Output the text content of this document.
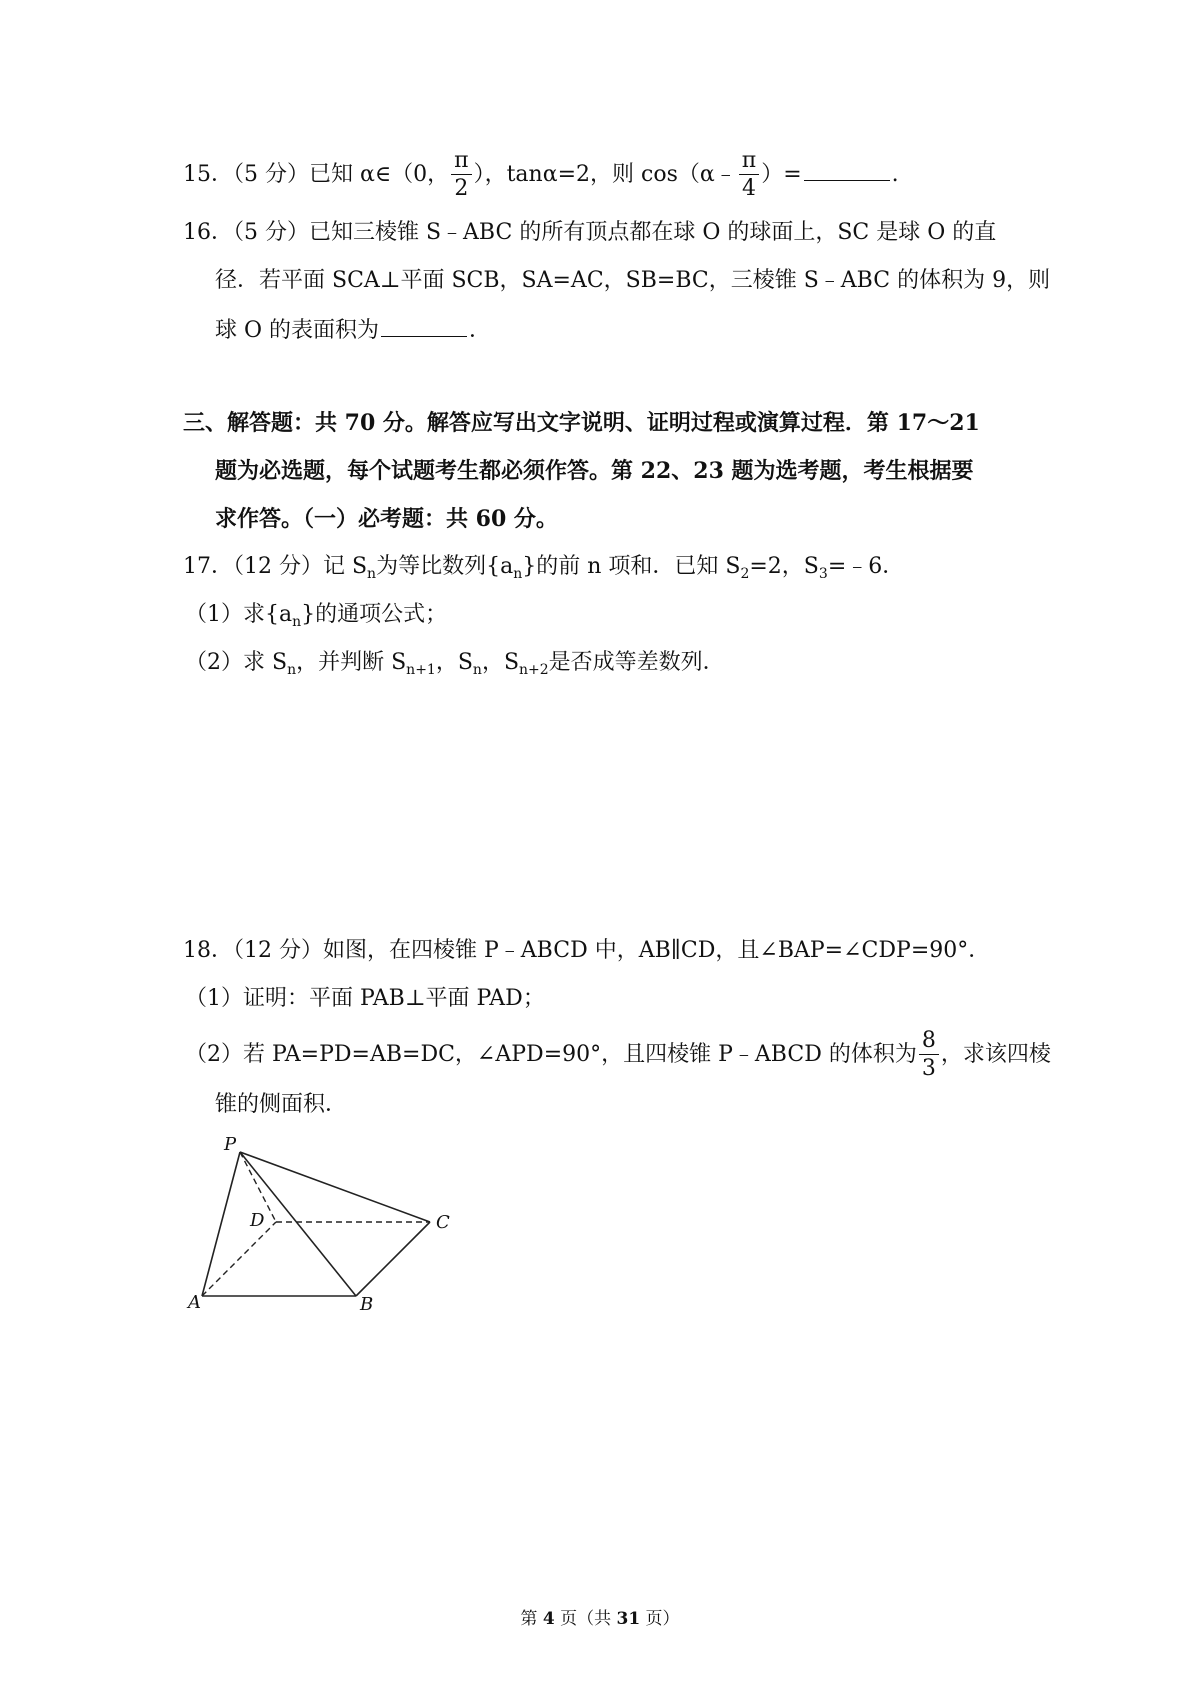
15．（5 分）已知 α∈（0， $\frac{\pi}{2}$ ），tanα=2，则 cos（α﹣ $\frac{\pi}{4}$ ）=	.
16．（5 分）已知三棱锥 S﹣ABC 的所有顶点都在球 O 的球面上，SC 是球 O 的直
径．若平面 SCA⊥平面 SCB，SA=AC，SB=BC，三棱锥 S﹣ABC 的体积为 9，则
球 O 的表面积为	．
三、解答题：共 70 分。解答应写出文字说明、证明过程或演算过程．第 17～21
题为必选题，每个试题考生都必须作答。第 22、23 题为选考题，考生根据要
求作答。（一）必考题：共 60 分。
17．（12 分）记 $S_n$为等比数列$\{a_n\}$的前 n 项和．已知 $S_2=2$，$S_3=﹣6$．
（1）求$\{a_n\}$的通项公式；
（2）求 $S_n$，并判断 $S_{n+1}$，$S_n$，$S_{n+2}$是否成等差数列．
18．（12 分）如图，在四棱锥 P﹣ABCD 中，AB∥CD，且∠BAP=∠CDP=90°．
（1）证明：平面 PAB⊥平面 PAD；
（2）若 PA=PD=AB=DC，∠APD=90°，且四棱锥 P﹣ABCD 的体积为 $\frac{8}{3}$ ，求该四棱
锥的侧面积．
P
D	C
A	B
第 4 页（共 31 页）
